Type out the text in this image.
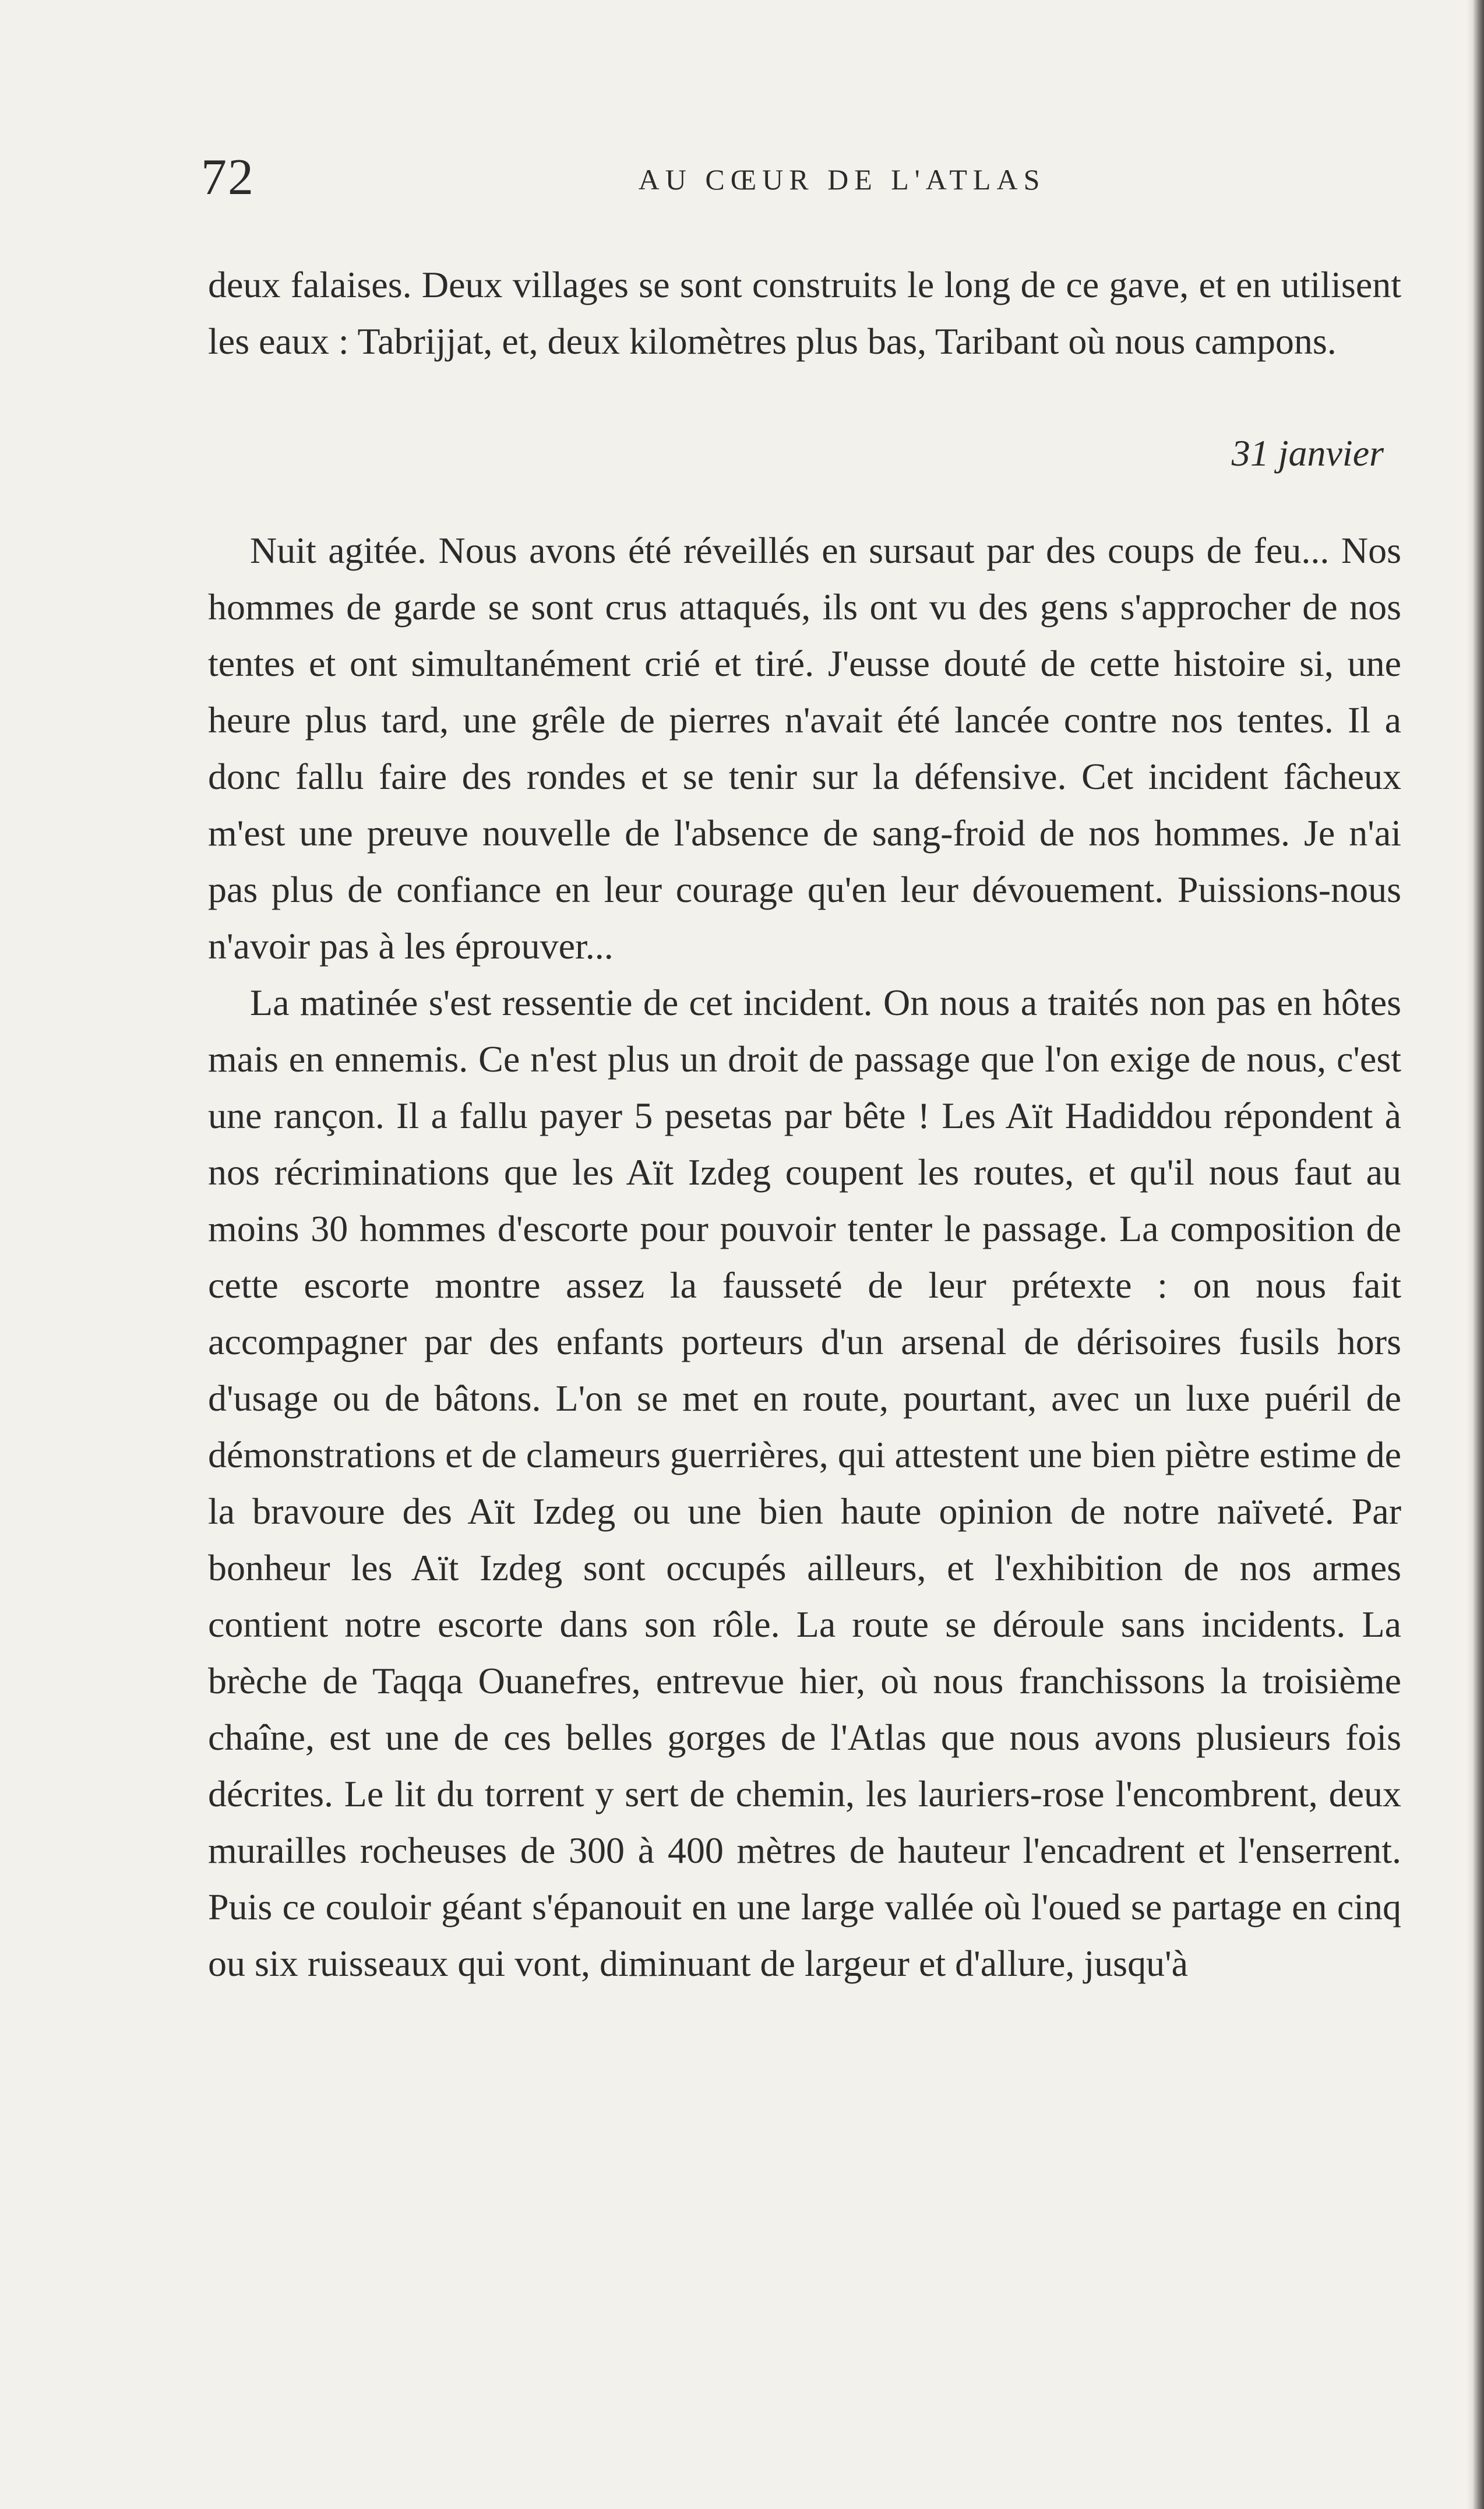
72	AU CŒUR DE L'ATLAS

deux falaises. Deux villages se sont construits le long de ce gave, et en utilisent les eaux : Tabrijjat, et, deux kilomètres plus bas, Taribant où nous campons.

31 janvier

Nuit agitée. Nous avons été réveillés en sursaut par des coups de feu... Nos hommes de garde se sont crus attaqués, ils ont vu des gens s'approcher de nos tentes et ont simultanément crié et tiré. J'eusse douté de cette histoire si, une heure plus tard, une grêle de pierres n'avait été lancée contre nos tentes. Il a donc fallu faire des rondes et se tenir sur la défensive. Cet incident fâcheux m'est une preuve nouvelle de l'absence de sang-froid de nos hommes. Je n'ai pas plus de confiance en leur courage qu'en leur dévouement. Puissions-nous n'avoir pas à les éprouver...

La matinée s'est ressentie de cet incident. On nous a traités non pas en hôtes mais en ennemis. Ce n'est plus un droit de passage que l'on exige de nous, c'est une rançon. Il a fallu payer 5 pesetas par bête ! Les Aït Hadiddou répondent à nos récriminations que les Aït Izdeg coupent les routes, et qu'il nous faut au moins 30 hommes d'escorte pour pouvoir tenter le passage. La composition de cette escorte montre assez la fausseté de leur prétexte : on nous fait accompagner par des enfants porteurs d'un arsenal de dérisoires fusils hors d'usage ou de bâtons. L'on se met en route, pourtant, avec un luxe puéril de démonstrations et de clameurs guerrières, qui attestent une bien piètre estime de la bravoure des Aït Izdeg ou une bien haute opinion de notre naïveté. Par bonheur les Aït Izdeg sont occupés ailleurs, et l'exhibition de nos armes contient notre escorte dans son rôle. La route se déroule sans incidents. La brèche de Taqqa Ouanefres, entrevue hier, où nous franchissons la troisième chaîne, est une de ces belles gorges de l'Atlas que nous avons plusieurs fois décrites. Le lit du torrent y sert de chemin, les lauriers-rose l'encombrent, deux murailles rocheuses de 300 à 400 mètres de hauteur l'encadrent et l'enserrent. Puis ce couloir géant s'épanouit en une large vallée où l'oued se partage en cinq ou six ruisseaux qui vont, diminuant de largeur et d'allure, jusqu'à
